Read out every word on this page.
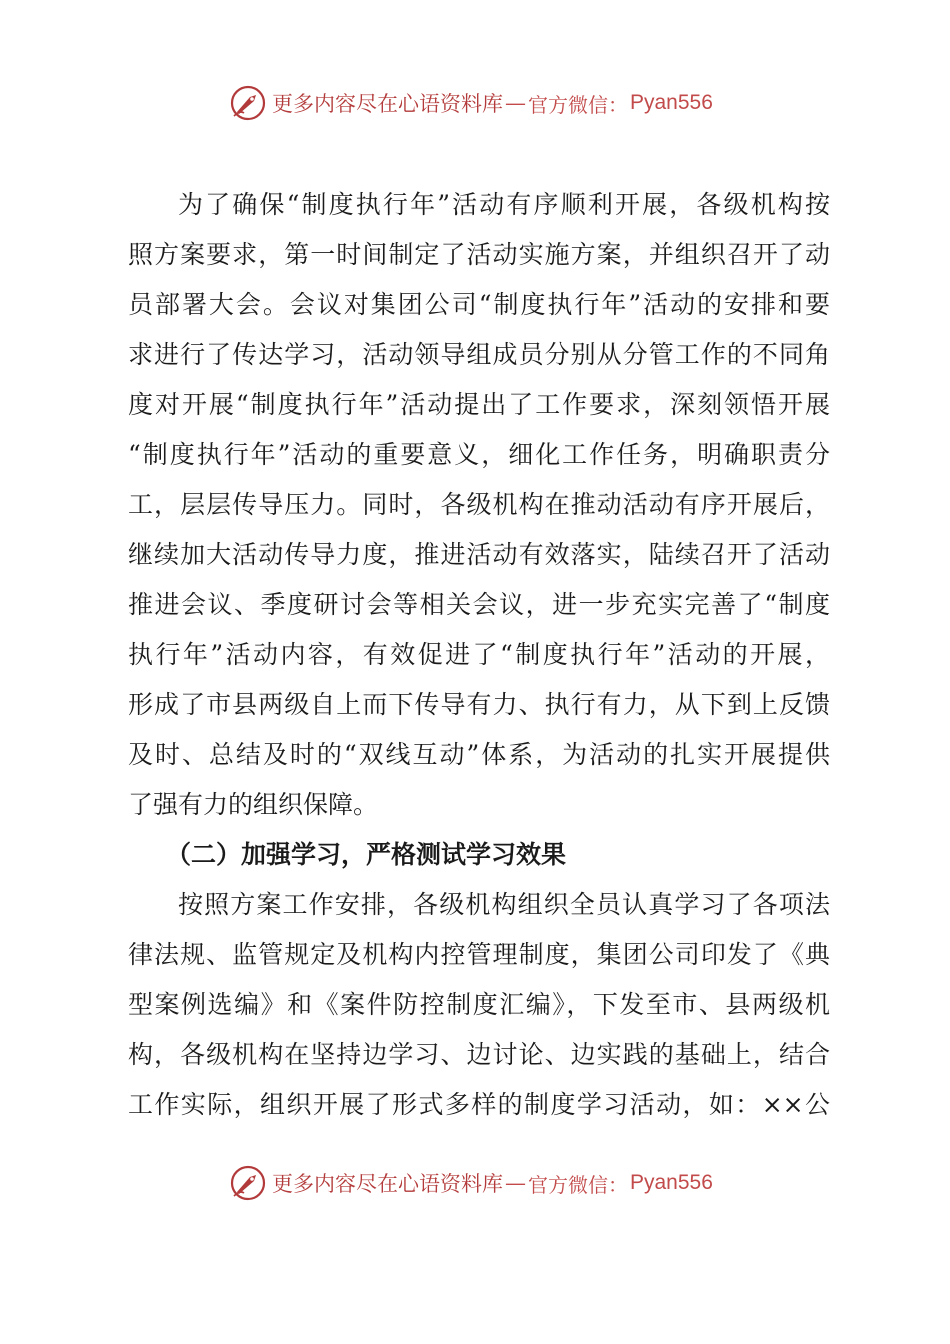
更多内容尽在心语资料库 — 官方微信： Pyan556
为了确保“制度执行年”活动有序顺利开展，各级机构按
照方案要求，第一时间制定了活动实施方案，并组织召开了动
员部署大会。会议对集团公司“制度执行年”活动的安排和要
求进行了传达学习，活动领导组成员分别从分管工作的不同角
度对开展“制度执行年”活动提出了工作要求，深刻领悟开展
“制度执行年”活动的重要意义，细化工作任务，明确职责分
工，层层传导压力。同时，各级机构在推动活动有序开展后，
继续加大活动传导力度，推进活动有效落实，陆续召开了活动
推进会议、季度研讨会等相关会议，进一步充实完善了“制度
执行年”活动内容，有效促进了“制度执行年”活动的开展，
形成了市县两级自上而下传导有力、执行有力，从下到上反馈
及时、总结及时的“双线互动”体系，为活动的扎实开展提供
了强有力的组织保障。
（二）加强学习，严格测试学习效果
按照方案工作安排，各级机构组织全员认真学习了各项法
律法规、监管规定及机构内控管理制度，集团公司印发了《典
型案例选编》和《案件防控制度汇编》，下发至市、县两级机
构，各级机构在坚持边学习、边讨论、边实践的基础上，结合
工作实际，组织开展了形式多样的制度学习活动，如：××公
更多内容尽在心语资料库 — 官方微信： Pyan556
